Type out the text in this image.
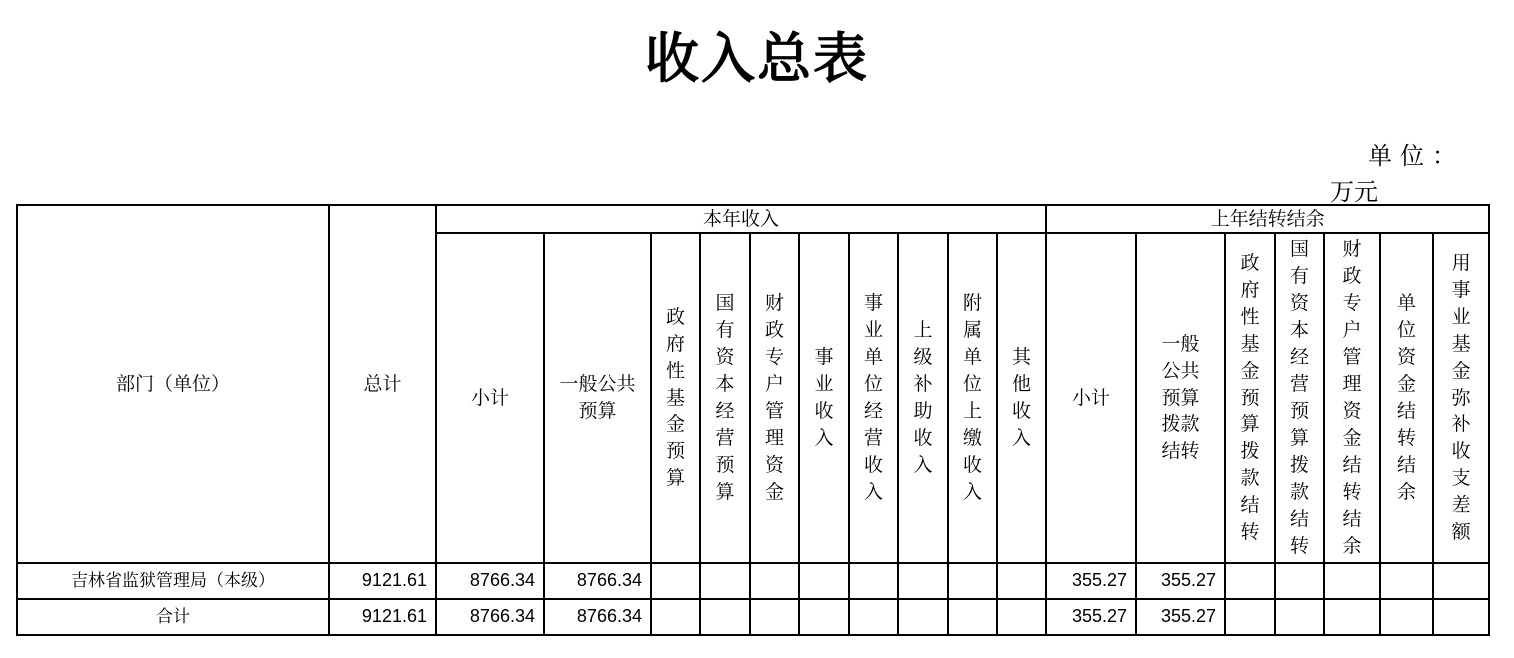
收入总表
单位：
万元
部门（单位）	总计	本年收入										上年结转结余						
		小计	一般公共预算	政府性基金预算	国有资本经营预算	财政专户管理资金	事业收入	事业单位经营收入	上级补助收入	附属单位上缴收入	其他收入	小计	一般公共预算拨款结转	政府性基金预算拨款结转	国有资本经营预算拨款结转	财政专户管理资金结转结余	单位资金结转结余	用事业基金弥补收支差额
吉林省监狱管理局（本级）	9121.61	8766.34	8766.34									355.27	355.27					
合计	9121.61	8766.34	8766.34									355.27	355.27					
